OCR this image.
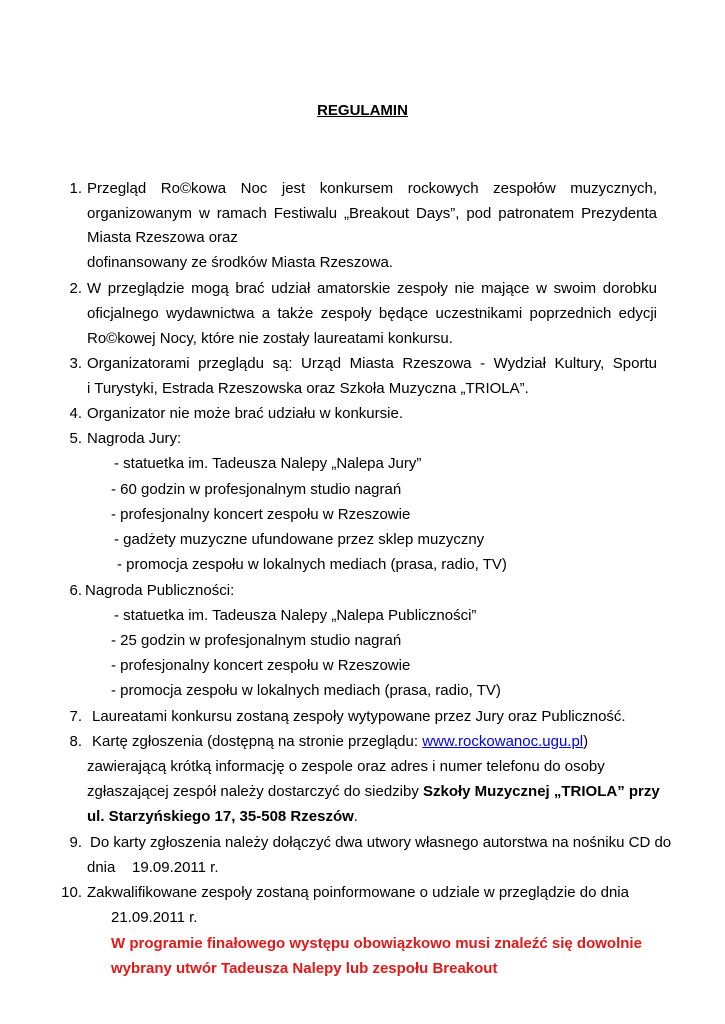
REGULAMIN
1. Przegląd Ro©kowa Noc jest konkursem rockowych zespołów muzycznych,
organizowanym w ramach Festiwalu „Breakout Days”, pod patronatem Prezydenta
Miasta Rzeszowa oraz
dofinansowany ze środków Miasta Rzeszowa.
2. W przeglądzie mogą brać udział amatorskie zespoły nie mające w swoim dorobku
oficjalnego wydawnictwa a także zespoły będące uczestnikami poprzednich edycji
Ro©kowej Nocy, które nie zostały laureatami konkursu.
3. Organizatorami przeglądu są: Urząd Miasta Rzeszowa - Wydział Kultury, Sportu
i Turystyki, Estrada Rzeszowska oraz Szkoła Muzyczna „TRIOLA”.
4. Organizator nie może brać udziału w konkursie.
5. Nagroda Jury:
- statuetka im. Tadeusza Nalepy „Nalepa Jury”
- 60 godzin w profesjonalnym studio nagrań
- profesjonalny koncert zespołu w Rzeszowie
- gadżety muzyczne ufundowane przez sklep muzyczny
- promocja zespołu w lokalnych mediach (prasa, radio, TV)
6. Nagroda Publiczności:
- statuetka im. Tadeusza Nalepy „Nalepa Publiczności”
- 25 godzin w profesjonalnym studio nagrań
- profesjonalny koncert zespołu w Rzeszowie
- promocja zespołu w lokalnych mediach (prasa, radio, TV)
7. Laureatami konkursu zostaną zespoły wytypowane przez Jury oraz Publiczność.
8. Kartę zgłoszenia (dostępną na stronie przeglądu: www.rockowanoc.ugu.pl)
zawierającą krótką informację o zespole oraz adres i numer telefonu do osoby
zgłaszającej zespół należy dostarczyć do siedziby Szkoły Muzycznej „TRIOLA” przy
ul. Starzyńskiego 17, 35-508 Rzeszów.
9. Do karty zgłoszenia należy dołączyć dwa utwory własnego autorstwa na nośniku CD do
dnia    19.09.2011 r.
10. Zakwalifikowane zespoły zostaną poinformowane o udziale w przeglądzie do dnia
21.09.2011 r.
W programie finałowego występu obowiązkowo musi znaleźć się dowolnie
wybrany utwór Tadeusza Nalepy lub zespołu Breakout
